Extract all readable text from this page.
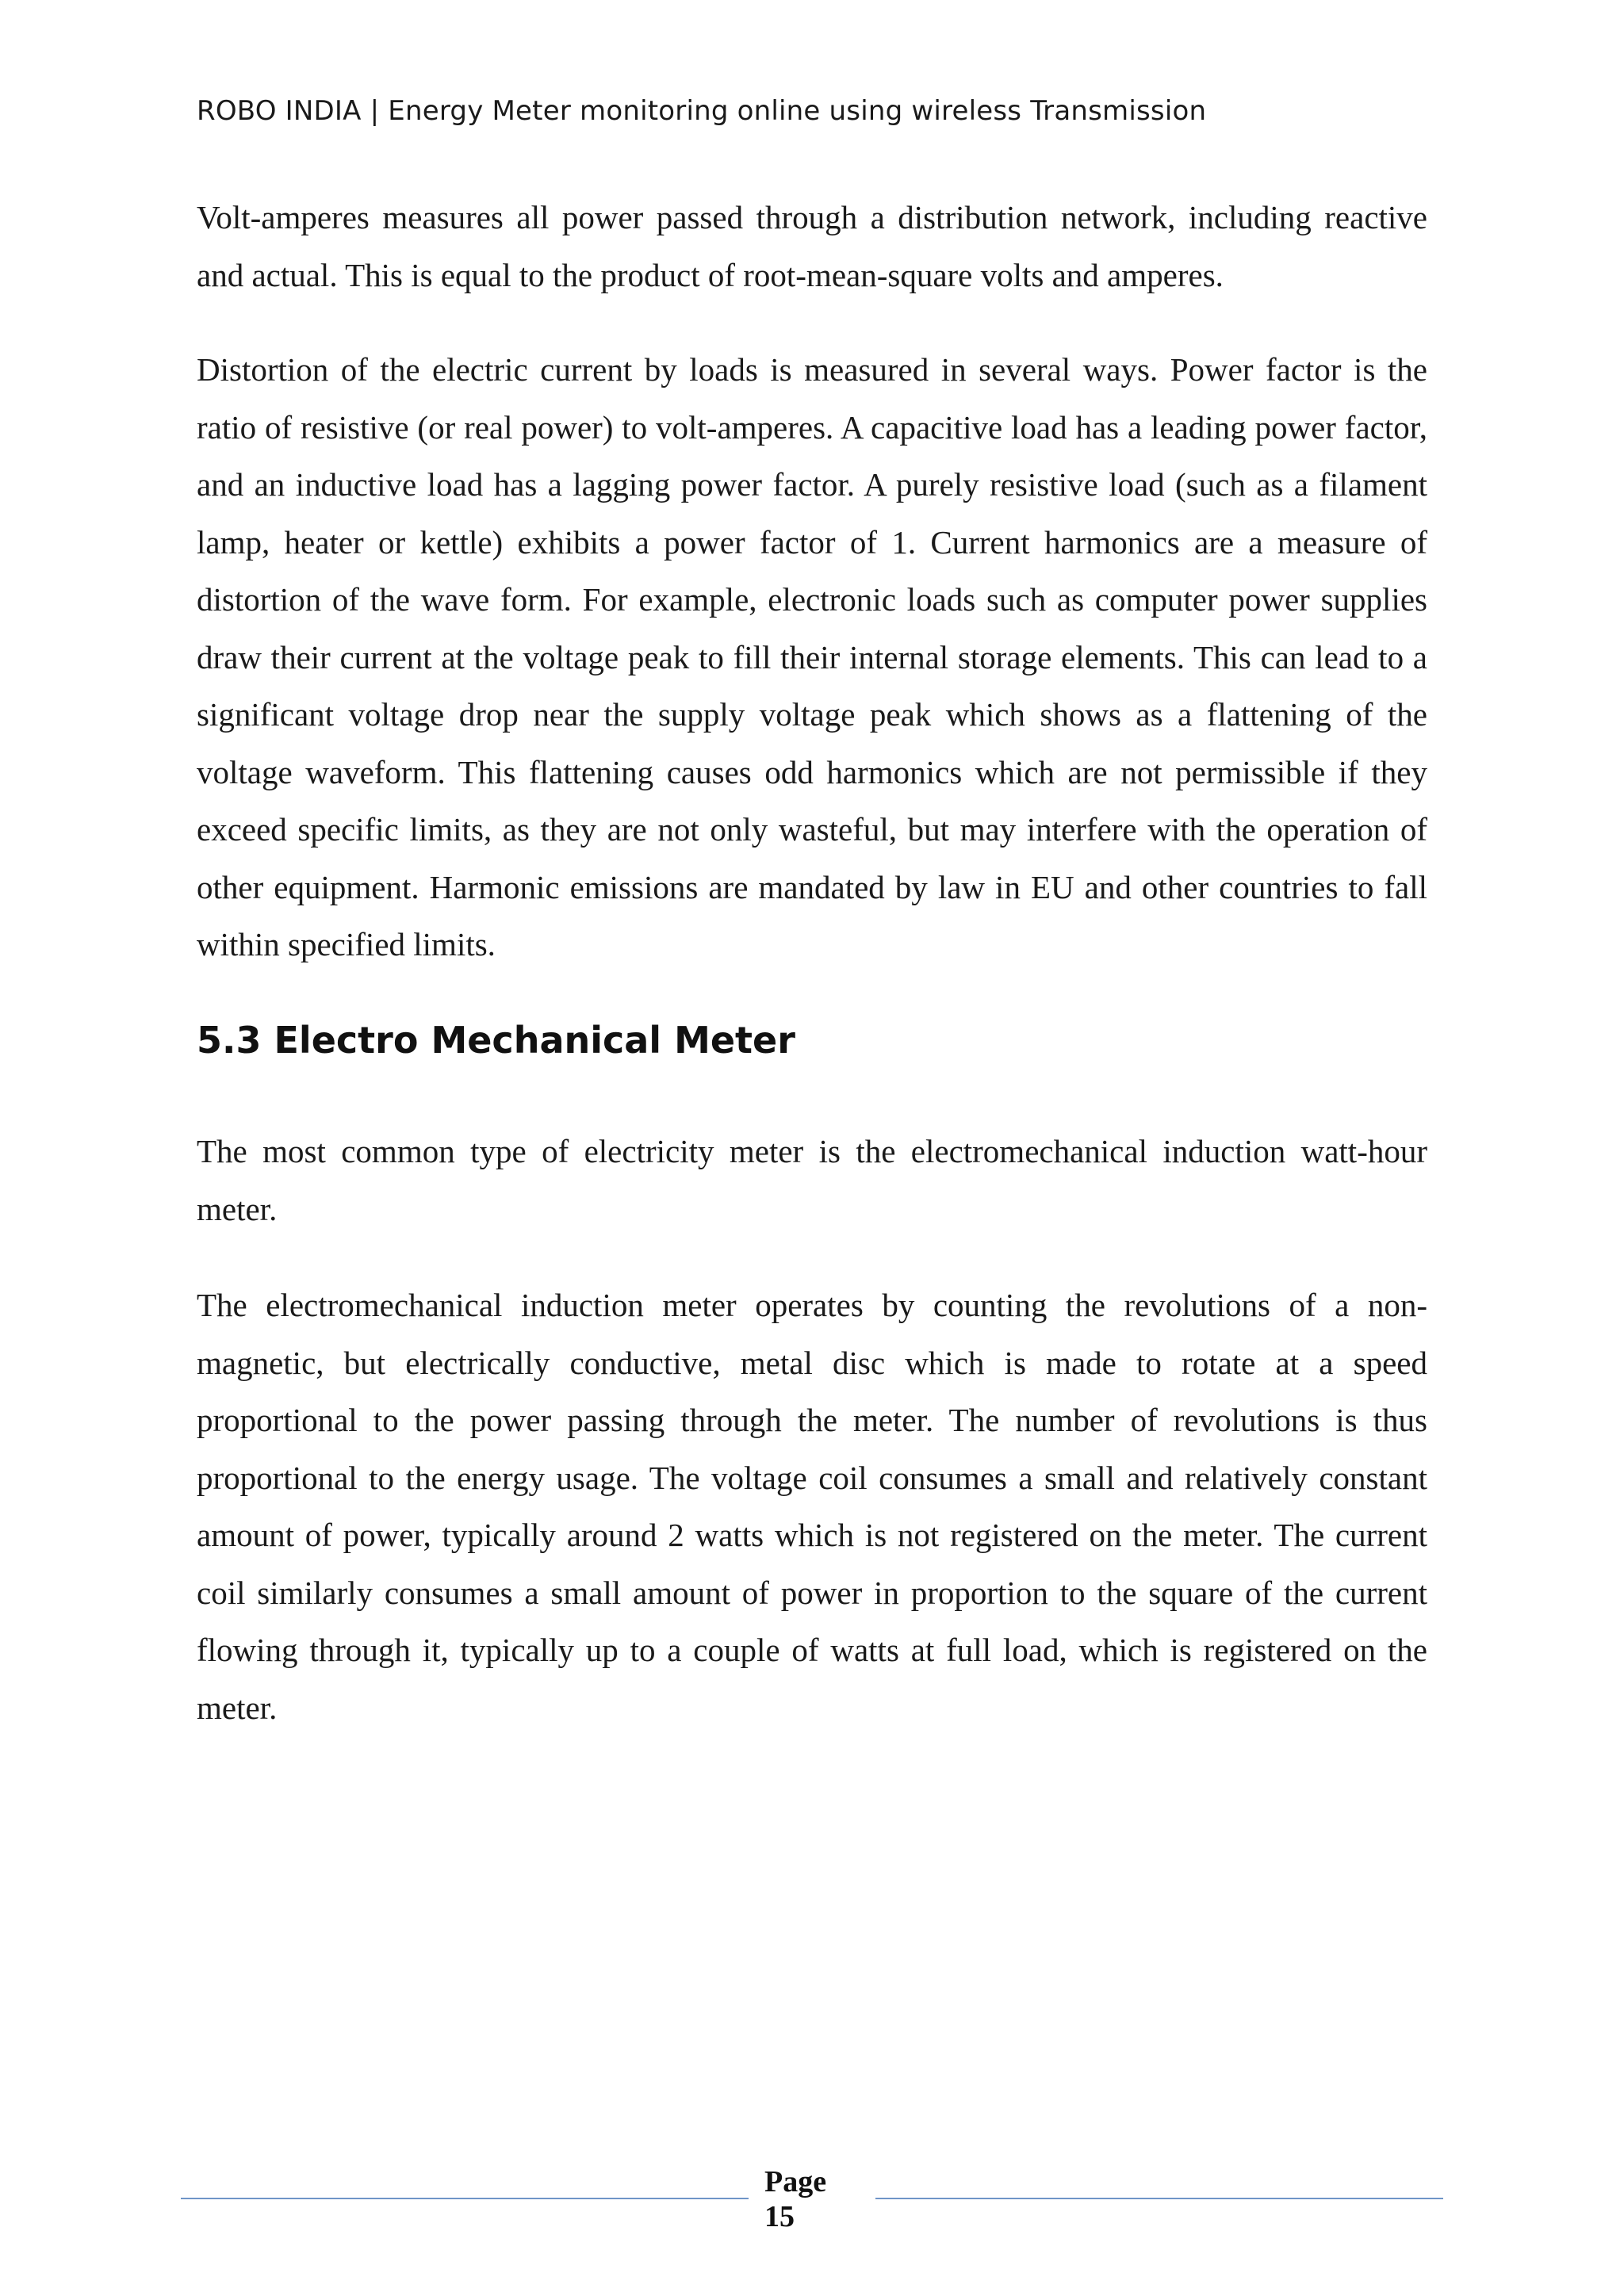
ROBO INDIA | Energy Meter monitoring online using wireless Transmission

Volt-amperes measures all power passed through a distribution network, including reactive and actual. This is equal to the product of root-mean-square volts and amperes.

Distortion of the electric current by loads is measured in several ways. Power factor is the ratio of resistive (or real power) to volt-amperes. A capacitive load has a leading power factor, and an inductive load has a lagging power factor. A purely resistive load (such as a filament lamp, heater or kettle) exhibits a power factor of 1. Current harmonics are a measure of distortion of the wave form. For example, electronic loads such as computer power supplies draw their current at the voltage peak to fill their internal storage elements. This can lead to a significant voltage drop near the supply voltage peak which shows as a flattening of the voltage waveform. This flattening causes odd harmonics which are not permissible if they exceed specific limits, as they are not only wasteful, but may interfere with the operation of other equipment. Harmonic emissions are mandated by law in EU and other countries to fall within specified limits.

5.3 Electro Mechanical Meter

The most common type of electricity meter is the electromechanical induction watt-hour meter.

The electromechanical induction meter operates by counting the revolutions of a non-magnetic, but electrically conductive, metal disc which is made to rotate at a speed proportional to the power passing through the meter. The number of revolutions is thus proportional to the energy usage. The voltage coil consumes a small and relatively constant amount of power, typically around 2 watts which is not registered on the meter. The current coil similarly consumes a small amount of power in proportion to the square of the current flowing through it, typically up to a couple of watts at full load, which is registered on the meter.

Page
15
